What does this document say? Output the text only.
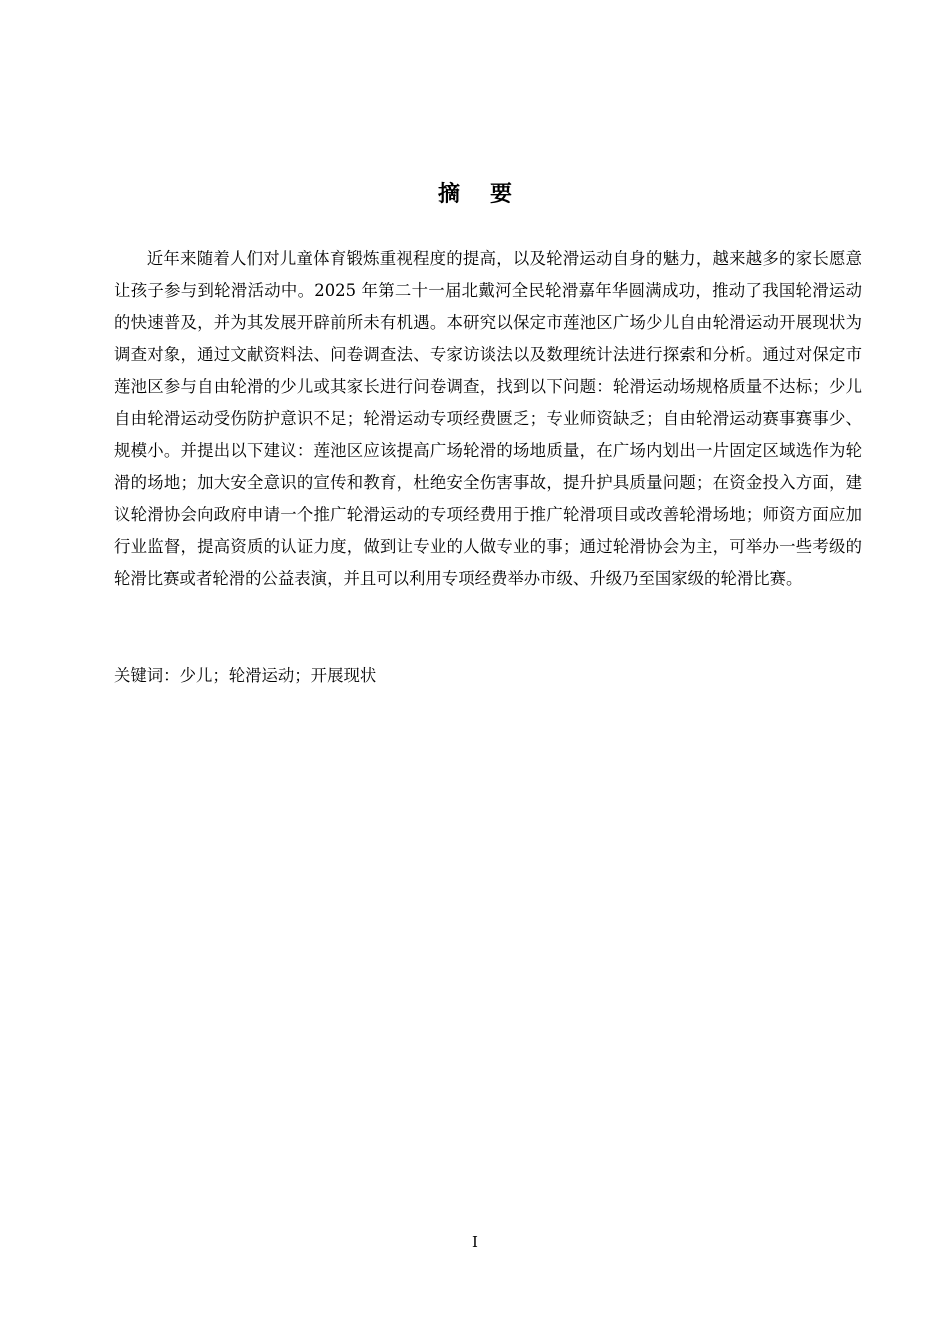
摘要

近年来随着人们对儿童体育锻炼重视程度的提高，以及轮滑运动自身的魅力，越来越多的家长愿意让孩子参与到轮滑活动中。2025 年第二十一届北戴河全民轮滑嘉年华圆满成功，推动了我国轮滑运动的快速普及，并为其发展开辟前所未有机遇。本研究以保定市莲池区广场少儿自由轮滑运动开展现状为调查对象，通过文献资料法、问卷调查法、专家访谈法以及数理统计法进行探索和分析。通过对保定市莲池区参与自由轮滑的少儿或其家长进行问卷调查，找到以下问题：轮滑运动场规格质量不达标；少儿自由轮滑运动受伤防护意识不足；轮滑运动专项经费匮乏；专业师资缺乏；自由轮滑运动赛事赛事少、规模小。并提出以下建议：莲池区应该提高广场轮滑的场地质量，在广场内划出一片固定区域选作为轮滑的场地；加大安全意识的宣传和教育，杜绝安全伤害事故，提升护具质量问题；在资金投入方面，建议轮滑协会向政府申请一个推广轮滑运动的专项经费用于推广轮滑项目或改善轮滑场地；师资方面应加行业监督，提高资质的认证力度，做到让专业的人做专业的事；通过轮滑协会为主，可举办一些考级的轮滑比赛或者轮滑的公益表演，并且可以利用专项经费举办市级、升级乃至国家级的轮滑比赛。

关键词：少儿；轮滑运动；开展现状

I
